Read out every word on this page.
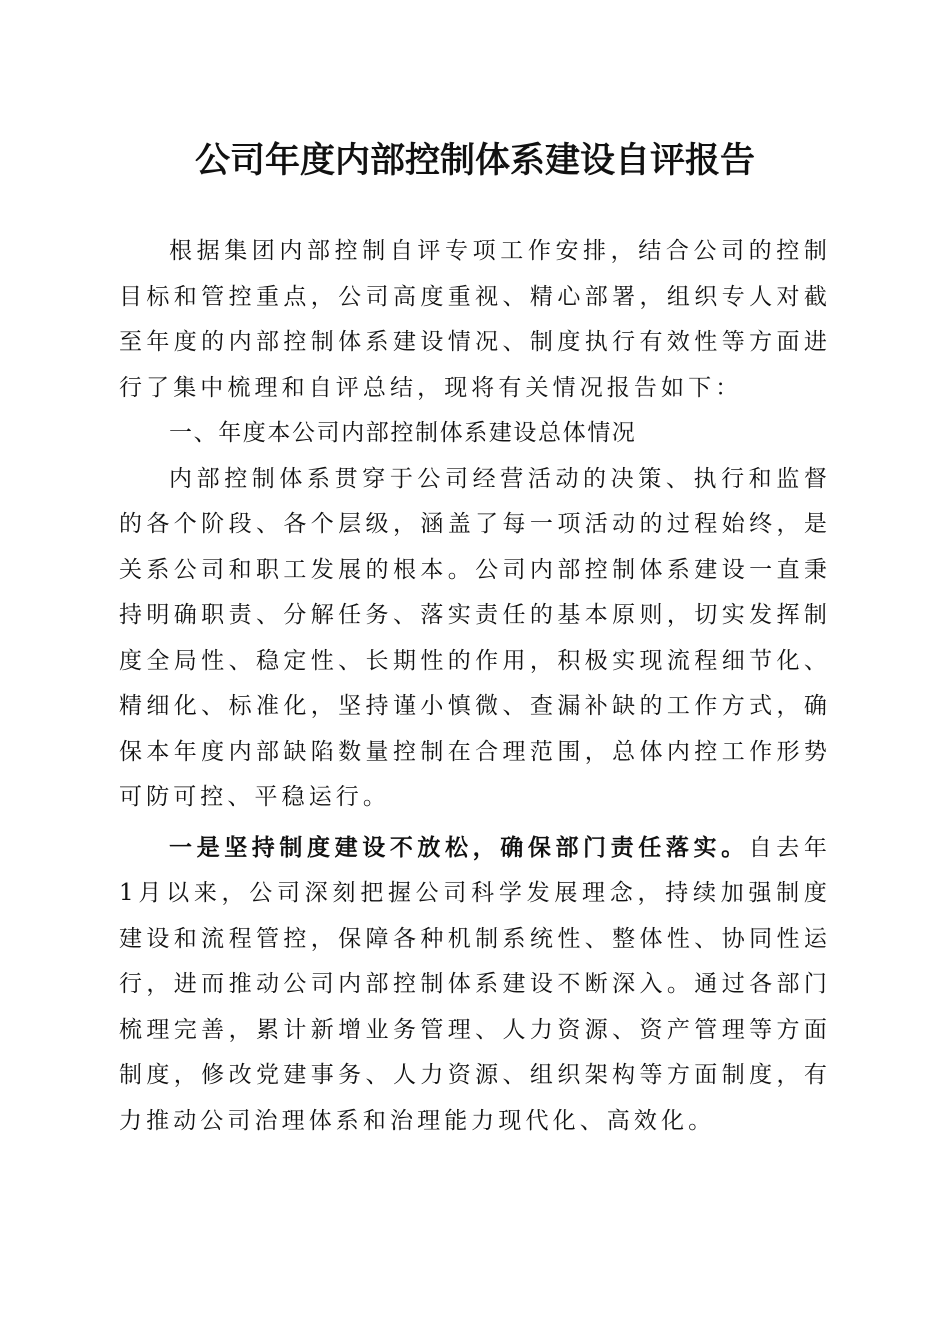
公司年度内部控制体系建设自评报告

根据集团内部控制自评专项工作安排，结合公司的控制目标和管控重点，公司高度重视、精心部署，组织专人对截至年度的内部控制体系建设情况、制度执行有效性等方面进行了集中梳理和自评总结，现将有关情况报告如下：

一、年度本公司内部控制体系建设总体情况

内部控制体系贯穿于公司经营活动的决策、执行和监督的各个阶段、各个层级，涵盖了每一项活动的过程始终，是关系公司和职工发展的根本。公司内部控制体系建设一直秉持明确职责、分解任务、落实责任的基本原则，切实发挥制度全局性、稳定性、长期性的作用，积极实现流程细节化、精细化、标准化，坚持谨小慎微、查漏补缺的工作方式，确保本年度内部缺陷数量控制在合理范围，总体内控工作形势可防可控、平稳运行。

一是坚持制度建设不放松，确保部门责任落实。自去年1月以来，公司深刻把握公司科学发展理念，持续加强制度建设和流程管控，保障各种机制系统性、整体性、协同性运行，进而推动公司内部控制体系建设不断深入。通过各部门梳理完善，累计新增业务管理、人力资源、资产管理等方面制度，修改党建事务、人力资源、组织架构等方面制度，有力推动公司治理体系和治理能力现代化、高效化。
